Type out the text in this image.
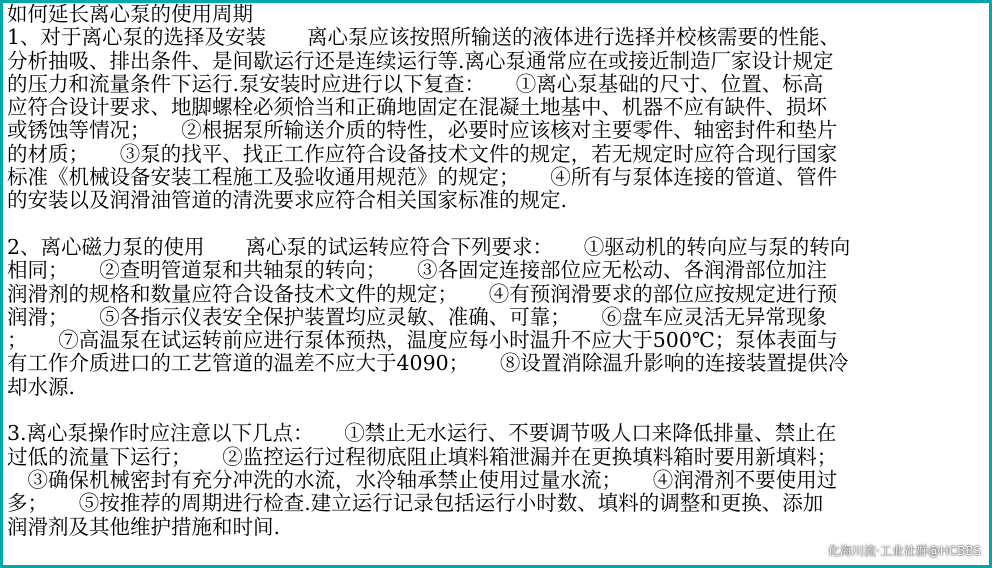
如何延长离心泵的使用周期
1、对于离心泵的选择及安装　　离心泵应该按照所输送的液体进行选择并校核需要的性能、
分析抽吸、排出条件、是间歇运行还是连续运行等.离心泵通常应在或接近制造厂家设计规定
的压力和流量条件下运行.泵安装时应进行以下复查：　　①离心泵基础的尺寸、位置、标高
应符合设计要求、地脚螺栓必须恰当和正确地固定在混凝土地基中、机器不应有缺件、损坏
或锈蚀等情况；　　②根据泵所输送介质的特性，必要时应该核对主要零件、轴密封件和垫片
的材质；　　③泵的找平、找正工作应符合设备技术文件的规定，若无规定时应符合现行国家
标准《机械设备安装工程施工及验收通用规范》的规定；　　④所有与泵体连接的管道、管件
的安装以及润滑油管道的清洗要求应符合相关国家标准的规定.
2、离心磁力泵的使用　　离心泵的试运转应符合下列要求：　　①驱动机的转向应与泵的转向
相同；　　②查明管道泵和共轴泵的转向；　　③各固定连接部位应无松动、各润滑部位加注
润滑剂的规格和数量应符合设备技术文件的规定；　　④有预润滑要求的部位应按规定进行预
润滑；　　⑤各指示仪表安全保护装置均应灵敏、准确、可靠；　　⑥盘车应灵活无异常现象
；　　⑦高温泵在试运转前应进行泵体预热，温度应每小时温升不应大于500℃；泵体表面与
有工作介质进口的工艺管道的温差不应大于4090；　　⑧设置消除温升影响的连接装置提供冷
却水源.
3.离心泵操作时应注意以下几点：　　①禁止无水运行、不要调节吸人口来降低排量、禁止在
过低的流量下运行；　　②监控运行过程彻底阻止填料箱泄漏并在更换填料箱时要用新填料；
　③确保机械密封有充分冲洗的水流，水冷轴承禁止使用过量水流；　　④润滑剂不要使用过
多；　　⑤按推荐的周期进行检查.建立运行记录包括运行小时数、填料的调整和更换、添加
润滑剂及其他维护措施和时间.
化海川流·工业社群@HCBBS
